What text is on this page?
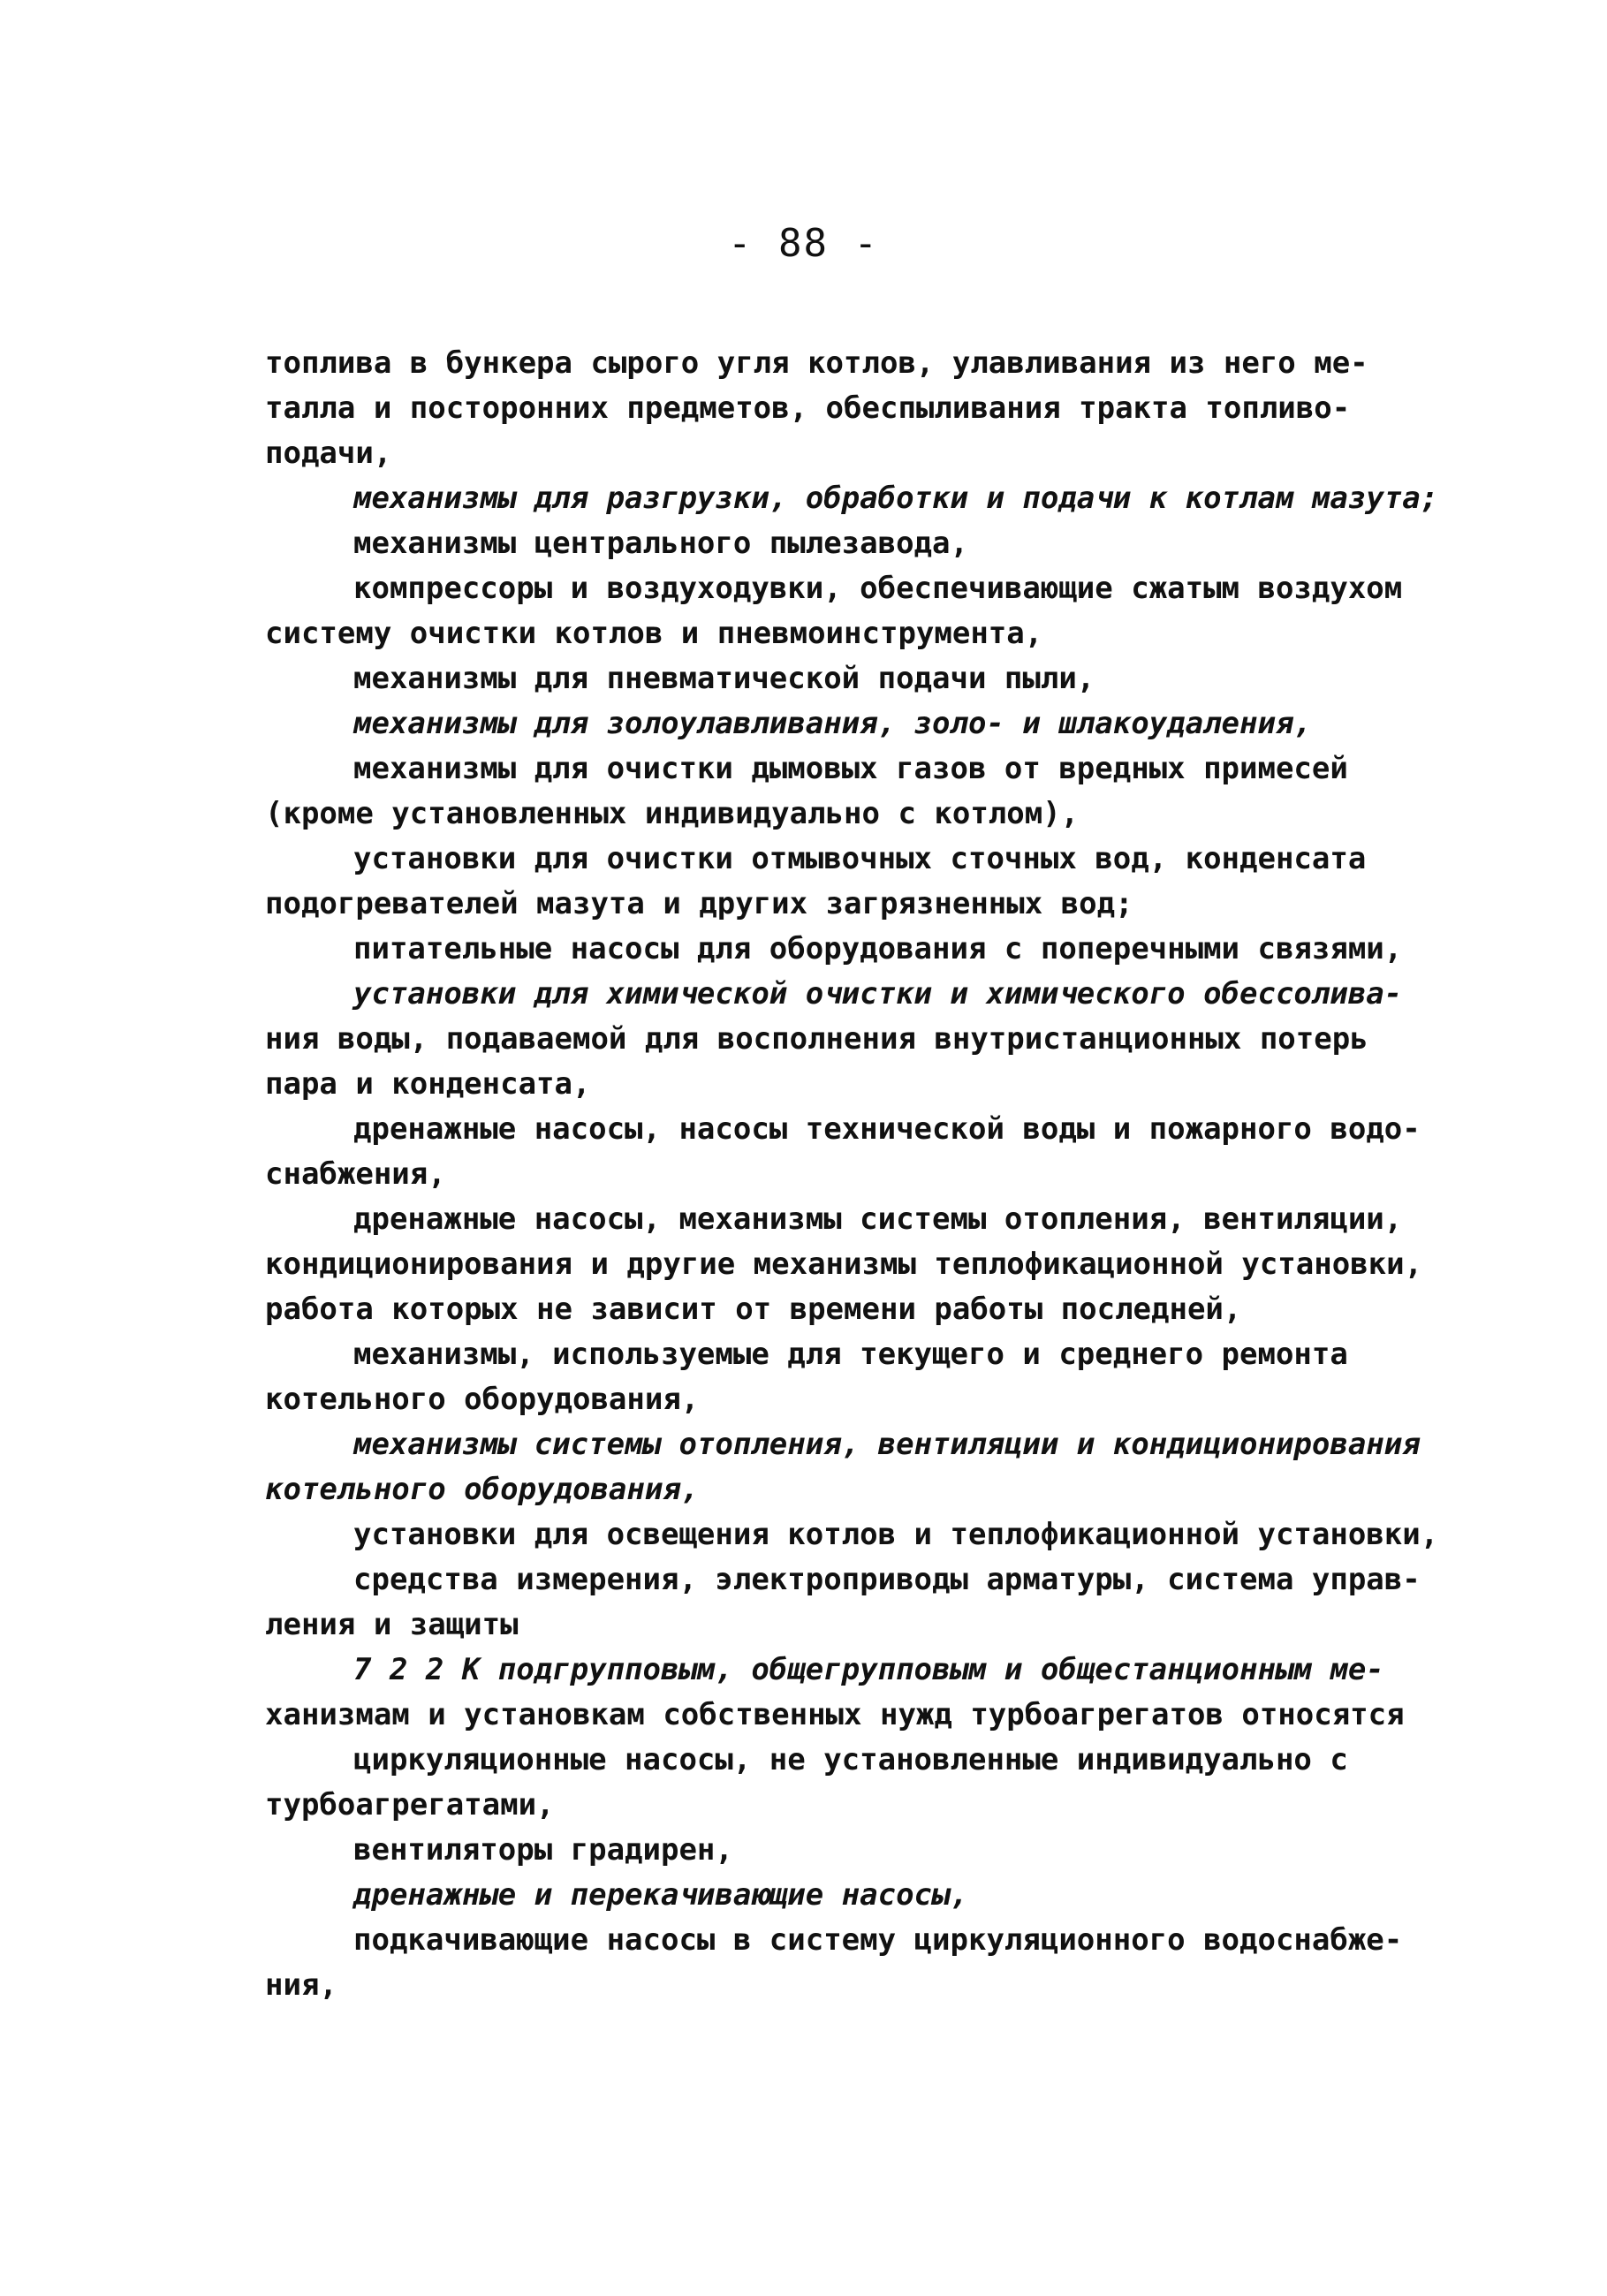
- 88 -
топлива в бункера сырого угля котлов, улавливания из него ме-
талла и посторонних предметов, обеспыливания тракта топливо-
подачи,
механизмы для разгрузки, обработки и подачи к котлам мазута;
механизмы центрального пылезавода,
компрессоры и воздуходувки, обеспечивающие сжатым воздухом
систему очистки котлов и пневмоинструмента,
механизмы для пневматической подачи пыли,
механизмы для золоулавливания, золо- и шлакоудаления,
механизмы для очистки дымовых газов от вредных примесей
(кроме установленных индивидуально с котлом),
установки для очистки отмывочных сточных вод, конденсата
подогревателей мазута и других загрязненных вод;
питательные насосы для оборудования с поперечными связями,
установки для химической очистки и химического обессолива-
ния воды, подаваемой для восполнения внутристанционных потерь
пара и конденсата,
дренажные насосы, насосы технической воды и пожарного водо-
снабжения,
дренажные насосы, механизмы системы отопления, вентиляции,
кондиционирования и другие механизмы теплофикационной установки,
работа которых не зависит от времени работы последней,
механизмы, используемые для текущего и среднего ремонта
котельного оборудования,
механизмы системы отопления, вентиляции и кондиционирования
котельного оборудования,
установки для освещения котлов и теплофикационной установки,
средства измерения, электроприводы арматуры, система управ-
ления и защиты
7 2 2 К подгрупповым, общегрупповым и общестанционным ме-
ханизмам и установкам собственных нужд турбоагрегатов относятся
циркуляционные насосы, не установленные индивидуально с
турбоагрегатами,
вентиляторы градирен,
дренажные и перекачивающие насосы,
подкачивающие насосы в систему циркуляционного водоснабже-
ния,
